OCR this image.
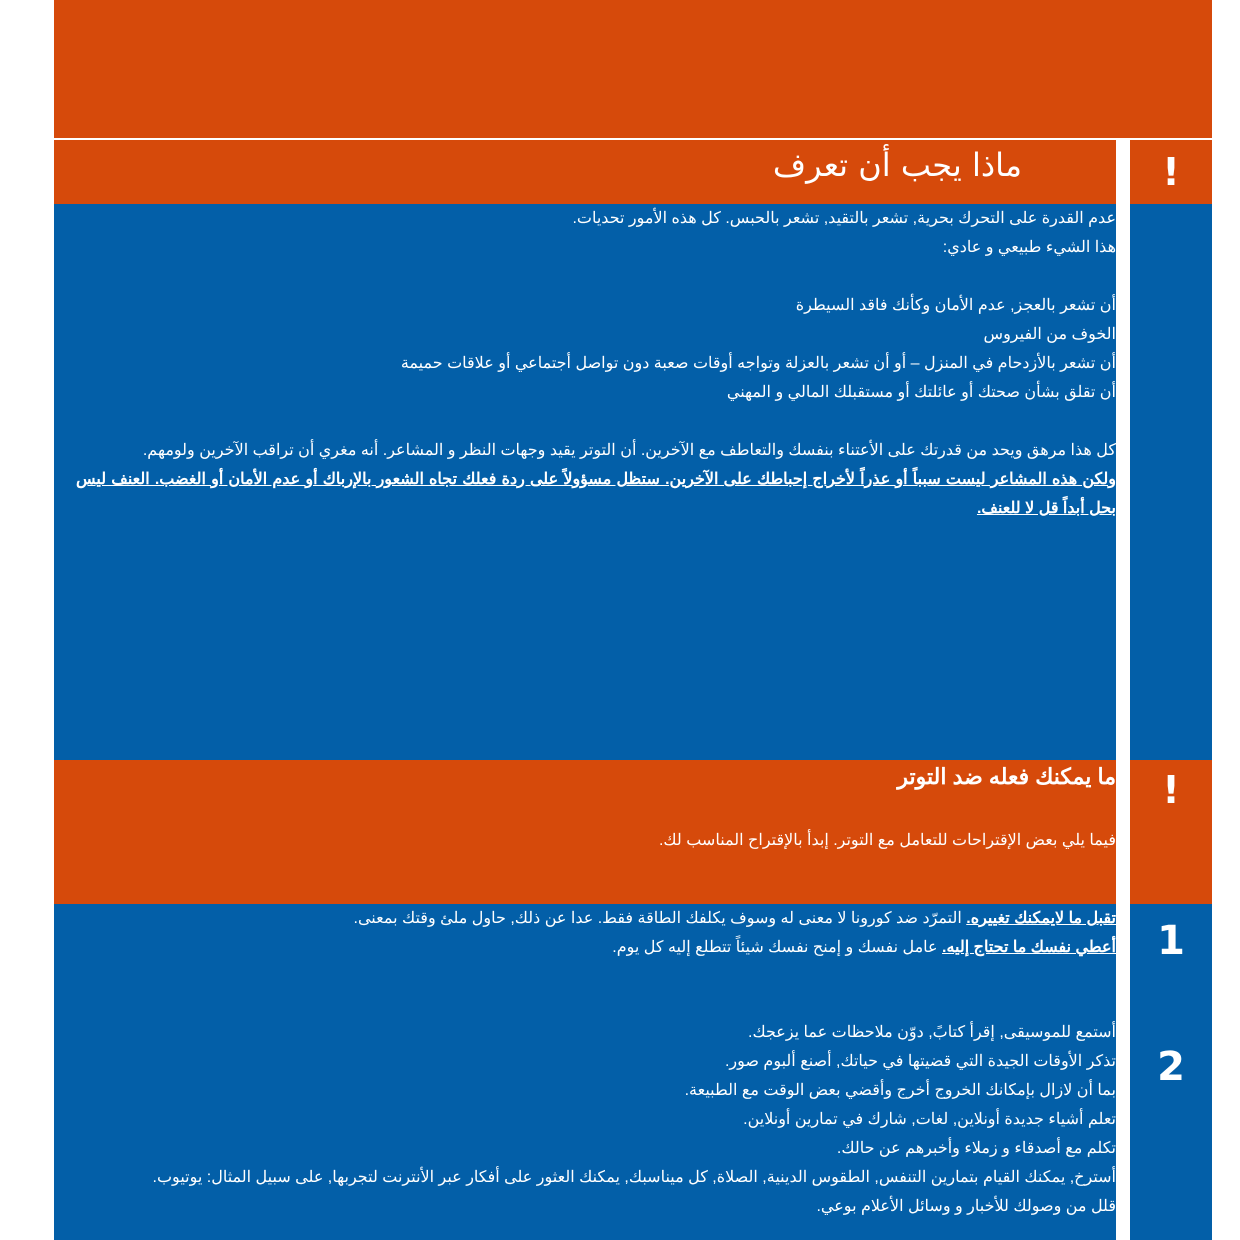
!
!
1
2
ماذا يجب أن تعرف
عدم القدرة على التحرك بحرية, تشعر بالتقيد, تشعر بالحبس. كل هذه الأمور تحديات.
هذا الشيء طبيعي و عادي:
أن تشعر بالعجز, عدم الأمان وكأنك فاقد السيطرة
الخوف من الفيروس
أن تشعر بالأزدحام في المنزل – أو أن تشعر بالعزلة وتواجه أوقات صعبة دون تواصل أجتماعي أو علاقات حميمة
أن تقلق بشأن صحتك أو عائلتك أو مستقبلك المالي و المهني
كل هذا مرهق ويحد من قدرتك على الأعتناء بنفسك والتعاطف مع الآخرين. أن التوتر يقيد وجهات النظر و المشاعر. أنه مغري أن تراقب الآخرين ولومهم.
ولكن هذه المشاعر ليست سبباً أو عذراً لأخراج إحباطك على الآخرين. ستظل مسؤولاً على ردة فعلك تجاه الشعور بالإرباك أو عدم الأمان أو الغضب. العنف ليس بحل أبداً قل لا للعنف.
ما يمكنك فعله ضد التوتر
فيما يلي بعض الإقتراحات للتعامل مع التوتر. إبدأ بالإقتراح المناسب لك.
تقبل ما لايمكنك تغييره. التمرّد ضد كورونا لا معنى له وسوف يكلفك الطاقة فقط. عدا عن ذلك, حاول ملئ وقتك بمعنى.
أعطي نفسك ما تحتاج إليه. عامل نفسك و إمنح نفسك شيئاً تتطلع إليه كل يوم.
أستمع للموسيقى, إقرأ كتابً, دوّن ملاحظات عما يزعجك.
تذكر الأوقات الجيدة التي قضيتها في حياتك, أصنع ألبوم صور.
بما أن لازال بإمكانك الخروج أخرج وأقضي بعض الوقت مع الطبيعة.
تعلم أشياء جديدة أونلاين, لغات, شارك في تمارين أونلاين.
تكلم مع أصدقاء و زملاء وأخبرهم عن حالك.
أسترخ, يمكنك القيام بتمارين التنفس, الطقوس الدينية, الصلاة, كل ميناسبك, يمكنك العثور على أفكار عبر الأنترنت لتجربها, على سبيل المثال: يوتيوب.
قلل من وصولك للأخبار و وسائل الأعلام بوعي.
